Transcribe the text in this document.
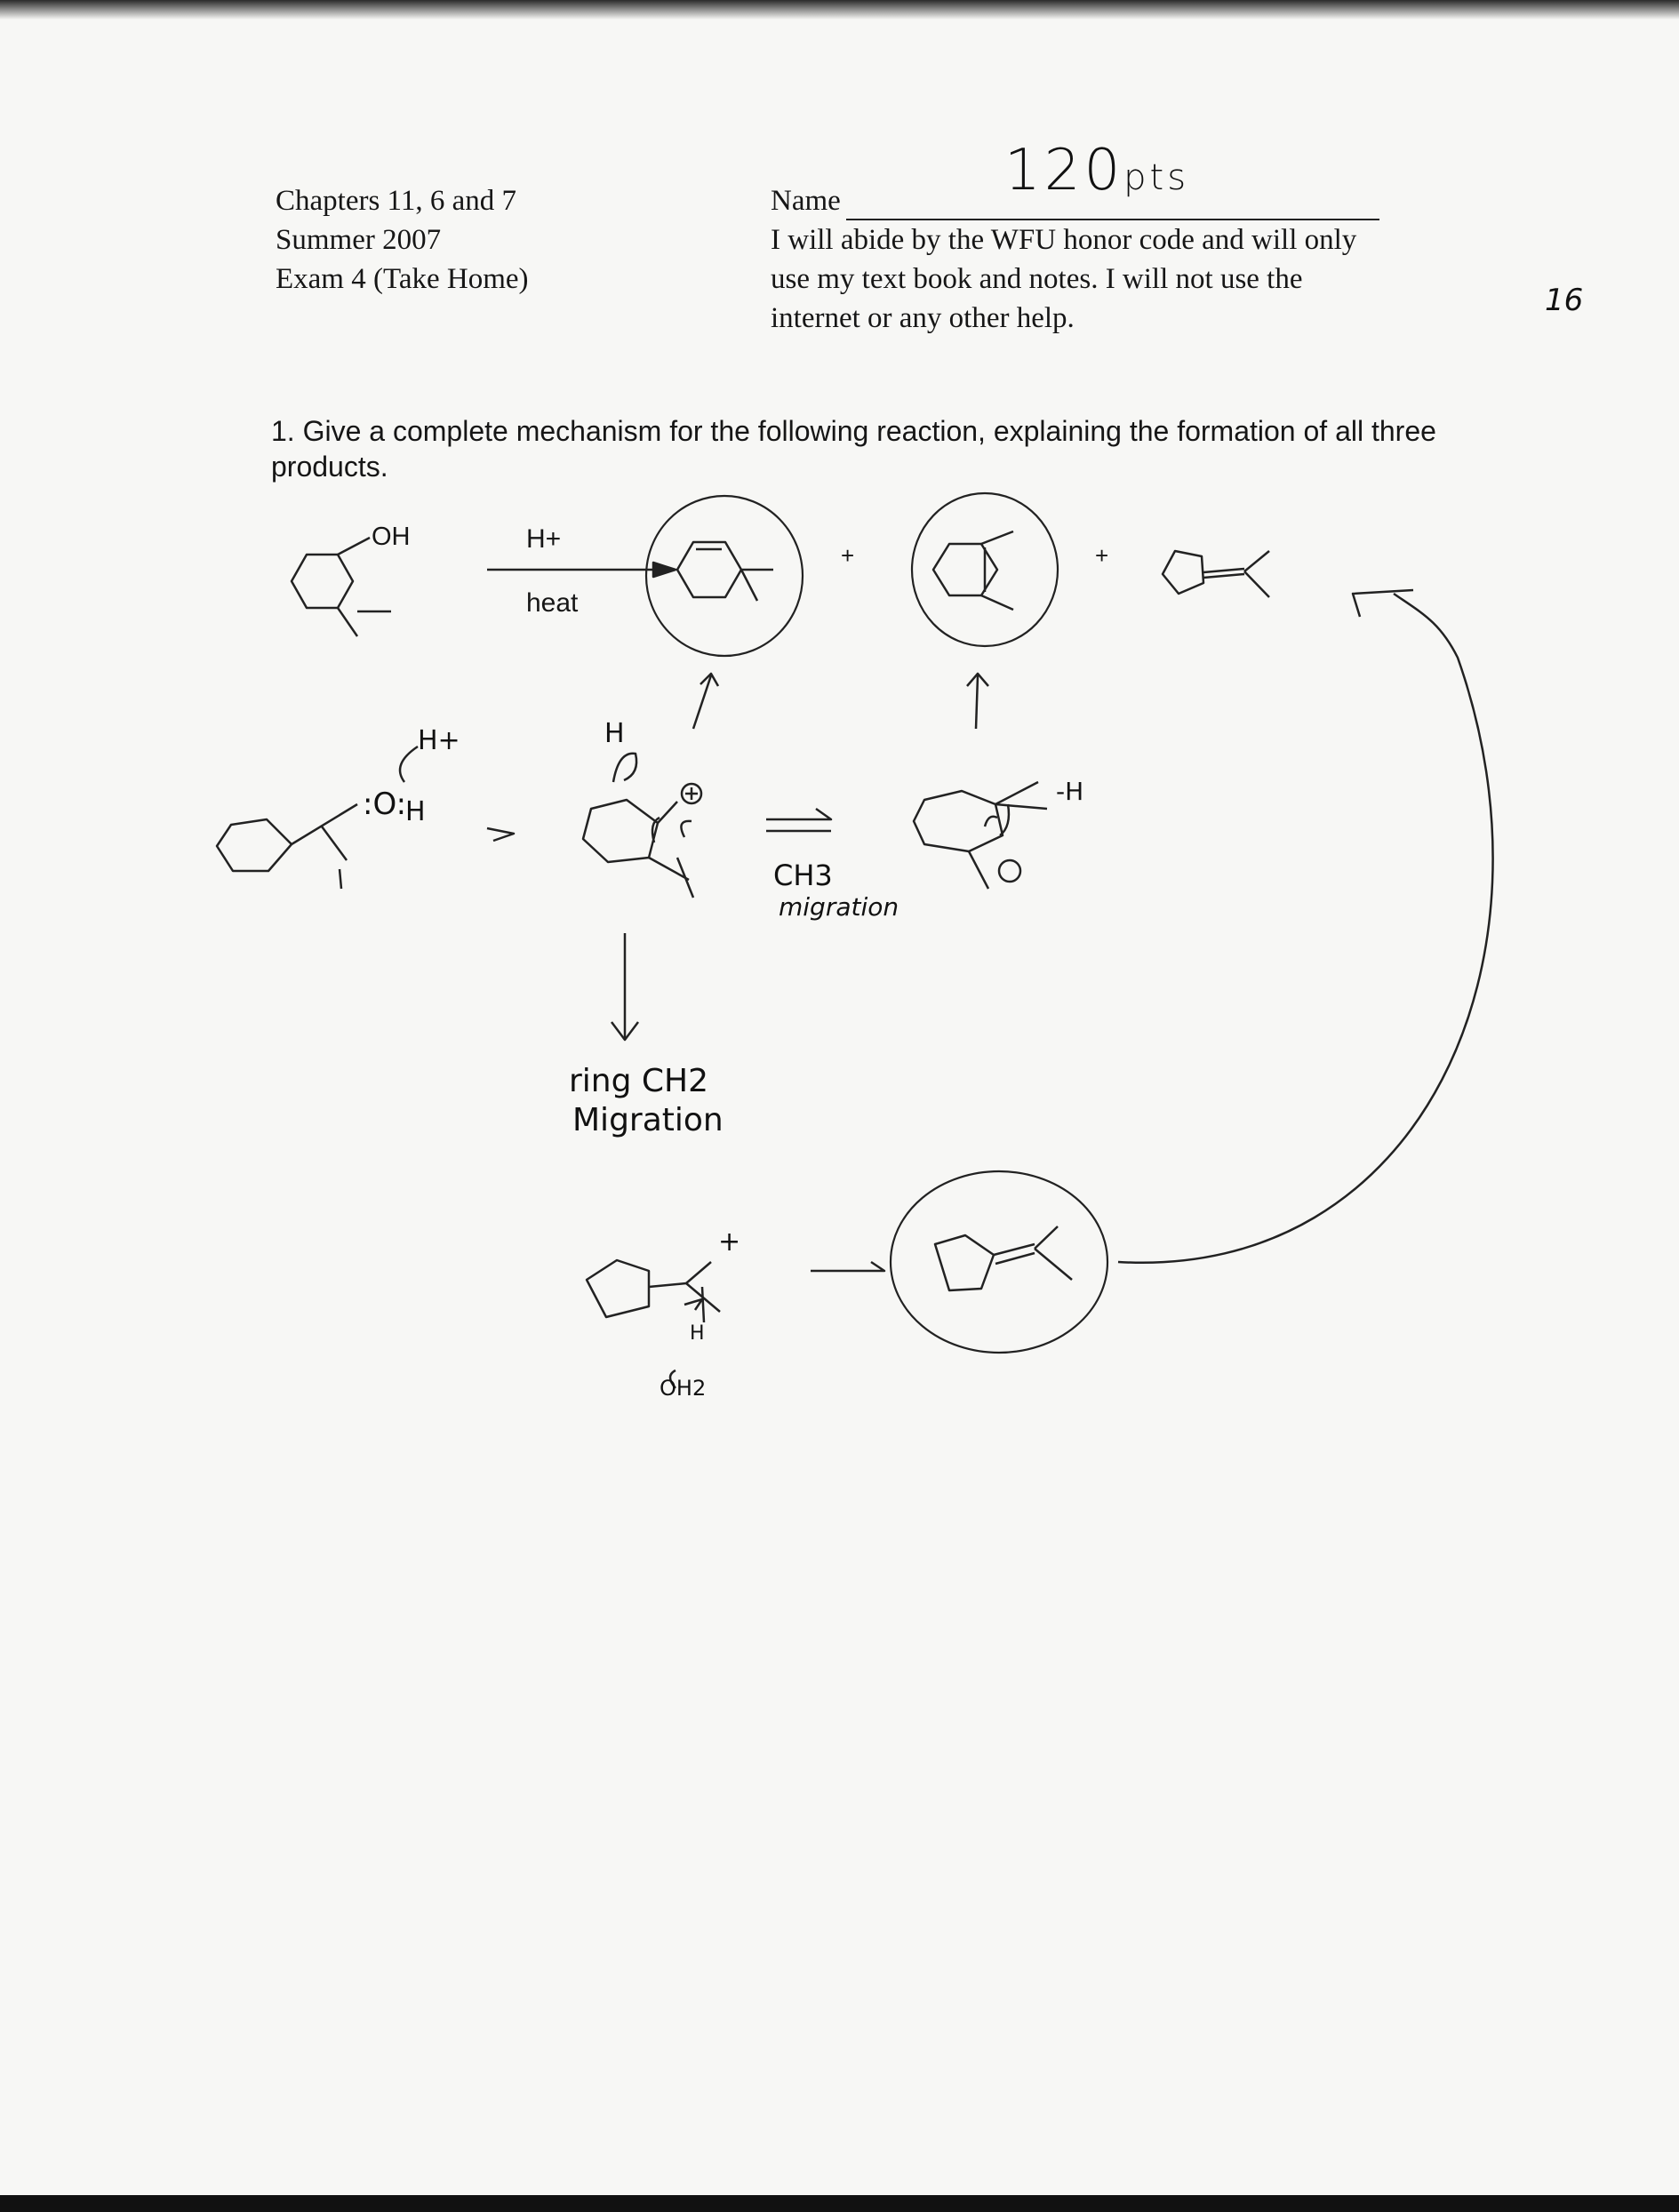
Chapters 11, 6 and 7
Summer 2007
Exam 4 (Take Home)
Name
I will abide by the WFU honor code and will only
use my text book and notes. I will not use the
internet or any other help.
120pts
16
1. Give a complete mechanism for the following reaction, explaining the formation of all three products.
OH	H+
heat
+	+
H+
:O:
H
H
CH3
migration
-H
ring CH2
Migration
+
H
OH2
